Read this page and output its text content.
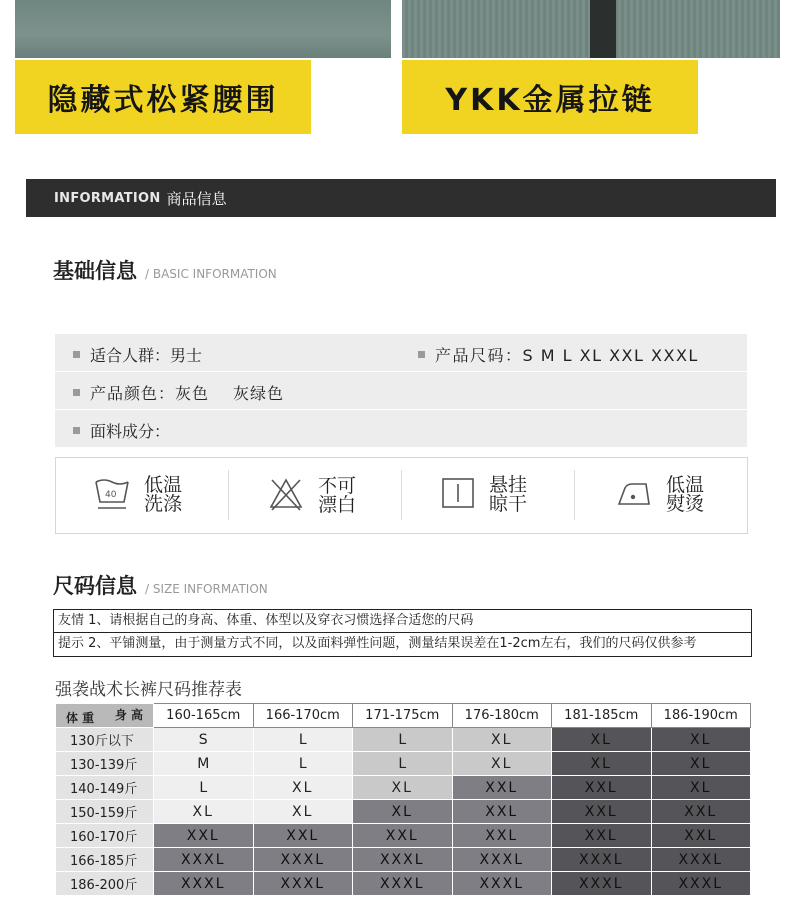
隐藏式松紧腰围	YKK金属拉链
INFORMATION 商品信息
基础信息 / BASIC INFORMATION
适合人群：男士	产品尺码：S M L XL XXL XXXL
产品颜色：灰色 灰绿色
面料成分：
40 低温
洗涤
不可
漂白
悬挂
晾干
低温
熨烫
尺码信息 / SIZE INFORMATION
友情 1、请根据自己的身高、体重、体型以及穿衣习惯选择合适您的尺码
提示 2、平铺测量，由于测量方式不同，以及面料弹性问题，测量结果误差在1-2cm左右，我们的尺码仅供参考
强袭战术长裤尺码推荐表
身 高
体 重	160-165cm	166-170cm	171-175cm	176-180cm	181-185cm	186-190cm
130斤以下	S	L	L	XL	XL	XL
130-139斤	M	L	L	XL	XL	XL
140-149斤	L	XL	XL	XXL	XXL	XL
150-159斤	XL	XL	XL	XXL	XXL	XXL
160-170斤	XXL	XXL	XXL	XXL	XXL	XXL
166-185斤	XXXL	XXXL	XXXL	XXXL	XXXL	XXXL
186-200斤	XXXL	XXXL	XXXL	XXXL	XXXL	XXXL
